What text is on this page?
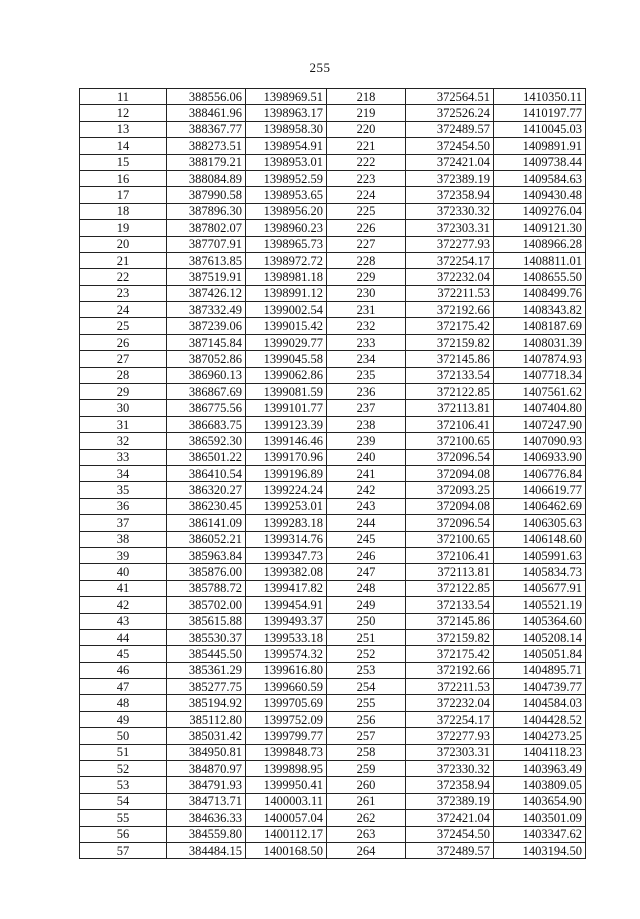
255
11	388556.06	1398969.51	218	372564.51	1410350.11
12	388461.96	1398963.17	219	372526.24	1410197.77
13	388367.77	1398958.30	220	372489.57	1410045.03
14	388273.51	1398954.91	221	372454.50	1409891.91
15	388179.21	1398953.01	222	372421.04	1409738.44
16	388084.89	1398952.59	223	372389.19	1409584.63
17	387990.58	1398953.65	224	372358.94	1409430.48
18	387896.30	1398956.20	225	372330.32	1409276.04
19	387802.07	1398960.23	226	372303.31	1409121.30
20	387707.91	1398965.73	227	372277.93	1408966.28
21	387613.85	1398972.72	228	372254.17	1408811.01
22	387519.91	1398981.18	229	372232.04	1408655.50
23	387426.12	1398991.12	230	372211.53	1408499.76
24	387332.49	1399002.54	231	372192.66	1408343.82
25	387239.06	1399015.42	232	372175.42	1408187.69
26	387145.84	1399029.77	233	372159.82	1408031.39
27	387052.86	1399045.58	234	372145.86	1407874.93
28	386960.13	1399062.86	235	372133.54	1407718.34
29	386867.69	1399081.59	236	372122.85	1407561.62
30	386775.56	1399101.77	237	372113.81	1407404.80
31	386683.75	1399123.39	238	372106.41	1407247.90
32	386592.30	1399146.46	239	372100.65	1407090.93
33	386501.22	1399170.96	240	372096.54	1406933.90
34	386410.54	1399196.89	241	372094.08	1406776.84
35	386320.27	1399224.24	242	372093.25	1406619.77
36	386230.45	1399253.01	243	372094.08	1406462.69
37	386141.09	1399283.18	244	372096.54	1406305.63
38	386052.21	1399314.76	245	372100.65	1406148.60
39	385963.84	1399347.73	246	372106.41	1405991.63
40	385876.00	1399382.08	247	372113.81	1405834.73
41	385788.72	1399417.82	248	372122.85	1405677.91
42	385702.00	1399454.91	249	372133.54	1405521.19
43	385615.88	1399493.37	250	372145.86	1405364.60
44	385530.37	1399533.18	251	372159.82	1405208.14
45	385445.50	1399574.32	252	372175.42	1405051.84
46	385361.29	1399616.80	253	372192.66	1404895.71
47	385277.75	1399660.59	254	372211.53	1404739.77
48	385194.92	1399705.69	255	372232.04	1404584.03
49	385112.80	1399752.09	256	372254.17	1404428.52
50	385031.42	1399799.77	257	372277.93	1404273.25
51	384950.81	1399848.73	258	372303.31	1404118.23
52	384870.97	1399898.95	259	372330.32	1403963.49
53	384791.93	1399950.41	260	372358.94	1403809.05
54	384713.71	1400003.11	261	372389.19	1403654.90
55	384636.33	1400057.04	262	372421.04	1403501.09
56	384559.80	1400112.17	263	372454.50	1403347.62
57	384484.15	1400168.50	264	372489.57	1403194.50
